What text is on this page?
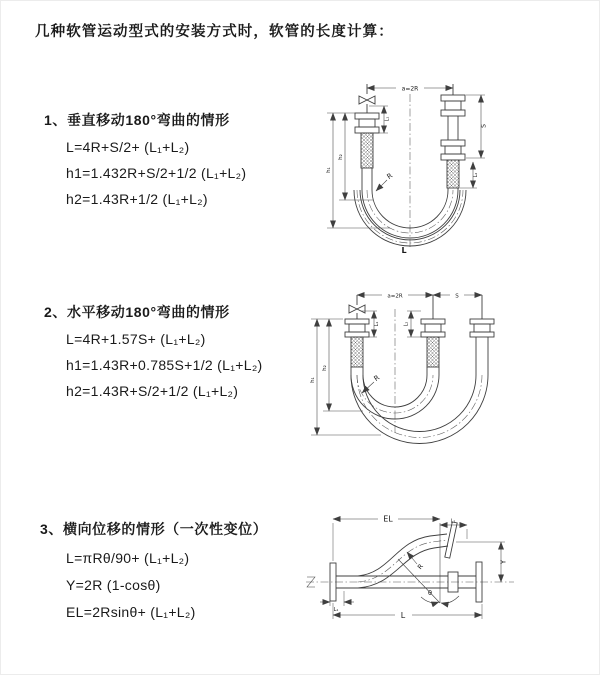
几种软管运动型式的安装方式时，软管的长度计算：
1、垂直移动180°弯曲的情形
L=4R+S/2+ (L₁+L₂)
h1=1.432R+S/2+1/2 (L₁+L₂)
h2=1.43R+1/2 (L₁+L₂)
2、水平移动180°弯曲的情形
L=4R+1.57S+ (L₁+L₂)
h1=1.43R+0.785S+1/2 (L₁+L₂)
h2=1.43R+S/2+1/2 (L₁+L₂)
3、横向位移的情形（一次性变位）
L=πRθ/90+ (L₁+L₂)
Y=2R (1-cosθ)
EL=2Rsinθ+ (L₁+L₂)
a=2R
h₁
h₂
L₁
S
L₂
R
L
a=2R	S
h₁
h₂
L₁	L₂
R
EL	L₂
Y
L
L₁
R
θ
